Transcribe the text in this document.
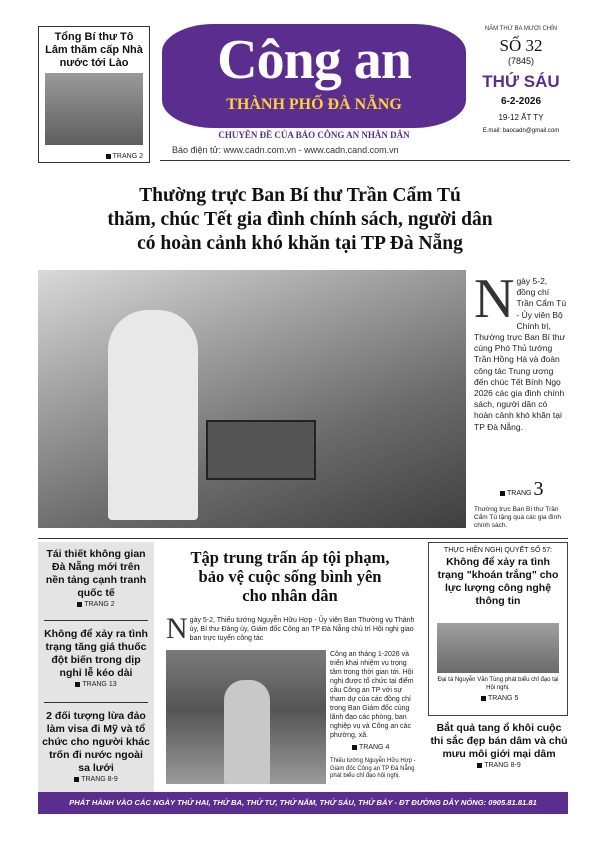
Tổng Bí thư Tô Lâm thăm cấp Nhà nước tới Lào
TRANG 2
Công an
THÀNH PHỐ ĐÀ NẴNG
CHUYÊN ĐỀ CỦA BÁO CÔNG AN NHÂN DÂN
Báo điện tử: www.cadn.com.vn - www.cadn.cand.com.vn
NĂM THỨ BA MƯƠI CHÍN
SỐ 32
(7845)
THỨ SÁU
6-2-2026
19-12 ẤT TỴ
E.mail: baocadn@gmail.com
Thường trực Ban Bí thư Trần Cẩm Tú
thăm, chúc Tết gia đình chính sách, người dân
có hoàn cảnh khó khăn tại TP Đà Nẵng
N gày 5-2, đồng chí Trần Cẩm Tú - Ủy viên Bộ Chính trị, Thường trực Ban Bí thư cùng Phó Thủ tướng Trần Hồng Hà và đoàn công tác Trung ương đến chúc Tết Bính Ngọ 2026 các gia đình chính sách, người dân có hoàn cảnh khó khăn tại TP Đà Nẵng.
TRANG 3
Thường trực Ban Bí thư Trần Cẩm Tú tặng quà các gia đình chính sách.
Tái thiết không gian Đà Nẵng mới trên nền tảng cạnh tranh quốc tế
TRANG 2
Không để xảy ra tình trạng tăng giá thuốc đột biến trong dịp nghỉ lễ kéo dài
TRANG 13
2 đối tượng lừa đảo làm visa đi Mỹ và tổ chức cho người khác trốn đi nước ngoài sa lưới
TRANG 8-9
Tập trung trấn áp tội phạm,
bảo vệ cuộc sống bình yên
cho nhân dân
N gày 5-2, Thiếu tướng Nguyễn Hữu Hợp - Ủy viên Ban Thường vụ Thành ủy, Bí thư Đảng ủy, Giám đốc Công an TP Đà Nẵng chủ trì Hội nghị giao ban trực tuyến công tác
Công an tháng 1-2026 và triển khai nhiệm vụ trọng tâm trong thời gian tới. Hội nghị được tổ chức tại điểm cầu Công an TP với sự tham dự của các đồng chí trong Ban Giám đốc cùng lãnh đạo các phòng, ban nghiệp vụ và Công an các phường, xã.
TRANG 4
Thiếu tướng Nguyễn Hữu Hợp - Giám đốc Công an TP Đà Nẵng phát biểu chỉ đạo hội nghị.
THỰC HIỆN NGHỊ QUYẾT SỐ 57:
Không để xảy ra tình trạng "khoán trắng" cho lực lượng công nghệ thông tin
Đại tá Nguyễn Văn Tùng phát biểu chỉ đạo tại Hội nghị.
TRANG 5
Bắt quả tang ổ khôi cuộc thi sắc đẹp bán dâm và chủ mưu môi giới mại dâm
TRANG 8-9
PHÁT HÀNH VÀO CÁC NGÀY THỨ HAI, THỨ BA, THỨ TƯ, THỨ NĂM, THỨ SÁU, THỨ BẢY - ĐT ĐƯỜNG DÂY NÓNG: 0905.81.81.81
